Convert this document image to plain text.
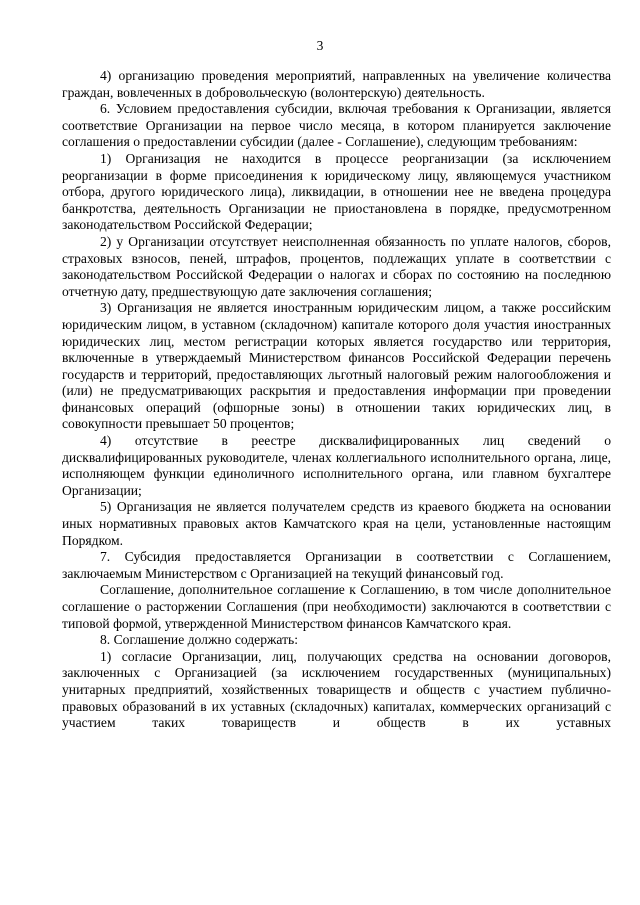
3

4) организацию проведения мероприятий, направленных на увеличение количества граждан, вовлеченных в добровольческую (волонтерскую) деятельность.

6. Условием предоставления субсидии, включая требования к Организации, является соответствие Организации на первое число месяца, в котором планируется заключение соглашения о предоставлении субсидии (далее - Соглашение), следующим требованиям:

1) Организация не находится в процессе реорганизации (за исключением реорганизации в форме присоединения к юридическому лицу, являющемуся участником отбора, другого юридического лица), ликвидации, в отношении нее не введена процедура банкротства, деятельность Организации не приостановлена в порядке, предусмотренном законодательством Российской Федерации;

2) у Организации отсутствует неисполненная обязанность по уплате налогов, сборов, страховых взносов, пеней, штрафов, процентов, подлежащих уплате в соответствии с законодательством Российской Федерации о налогах и сборах по состоянию на последнюю отчетную дату, предшествующую дате заключения соглашения;

3) Организация не является иностранным юридическим лицом, а также российским юридическим лицом, в уставном (складочном) капитале которого доля участия иностранных юридических лиц, местом регистрации которых является государство или территория, включенные в утверждаемый Министерством финансов Российской Федерации перечень государств и территорий, предоставляющих льготный налоговый режим налогообложения и (или) не предусматривающих раскрытия и предоставления информации при проведении финансовых операций (офшорные зоны) в отношении таких юридических лиц, в совокупности превышает 50 процентов;

4) отсутствие в реестре дисквалифицированных лиц сведений о дисквалифицированных руководителе, членах коллегиального исполнительного органа, лице, исполняющем функции единоличного исполнительного органа, или главном бухгалтере Организации;

5) Организация не является получателем средств из краевого бюджета на основании иных нормативных правовых актов Камчатского края на цели, установленные настоящим Порядком.

7. Субсидия предоставляется Организации в соответствии с Соглашением, заключаемым Министерством с Организацией на текущий финансовый год.

Соглашение, дополнительное соглашение к Соглашению, в том числе дополнительное соглашение о расторжении Соглашения (при необходимости) заключаются в соответствии с типовой формой, утвержденной Министерством финансов Камчатского края.

8. Соглашение должно содержать:

1) согласие Организации, лиц, получающих средства на основании договоров, заключенных с Организацией (за исключением государственных (муниципальных) унитарных предприятий, хозяйственных товариществ и обществ с участием публично-правовых образований в их уставных (складочных) капиталах, коммерческих организаций с участием таких товариществ и обществ в их уставных
